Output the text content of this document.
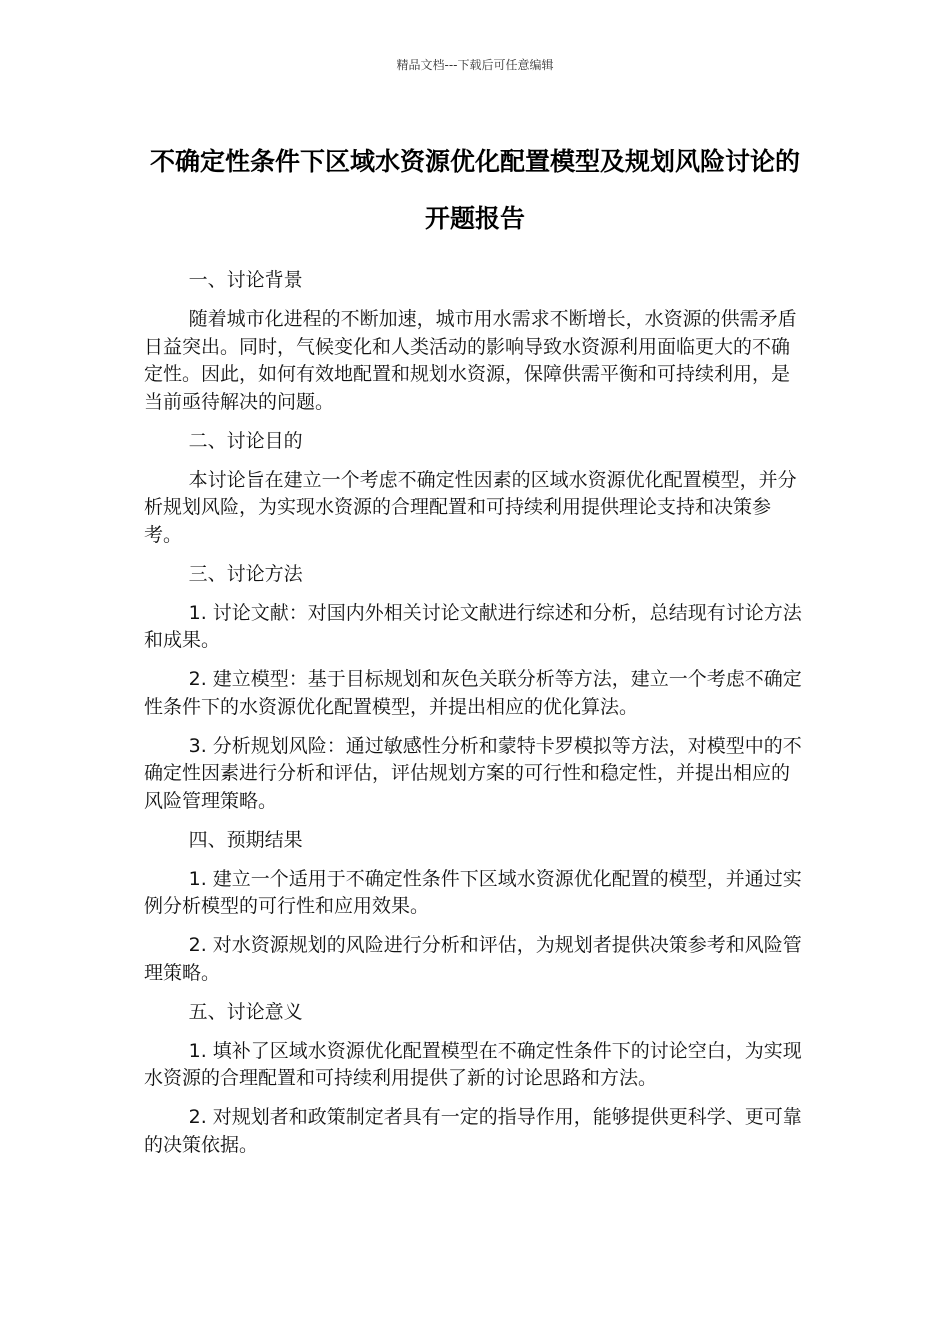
精品文档---下载后可任意编辑
不确定性条件下区域水资源优化配置模型及规划风险讨论的开题报告

一、讨论背景

随着城市化进程的不断加速，城市用水需求不断增长，水资源的供需矛盾日益突出。同时，气候变化和人类活动的影响导致水资源利用面临更大的不确定性。因此，如何有效地配置和规划水资源，保障供需平衡和可持续利用，是当前亟待解决的问题。

二、讨论目的

本讨论旨在建立一个考虑不确定性因素的区域水资源优化配置模型，并分析规划风险，为实现水资源的合理配置和可持续利用提供理论支持和决策参考。

三、讨论方法

1. 讨论文献：对国内外相关讨论文献进行综述和分析，总结现有讨论方法和成果。

2. 建立模型：基于目标规划和灰色关联分析等方法，建立一个考虑不确定性条件下的水资源优化配置模型，并提出相应的优化算法。

3. 分析规划风险：通过敏感性分析和蒙特卡罗模拟等方法，对模型中的不确定性因素进行分析和评估，评估规划方案的可行性和稳定性，并提出相应的风险管理策略。

四、预期结果

1. 建立一个适用于不确定性条件下区域水资源优化配置的模型，并通过实例分析模型的可行性和应用效果。

2. 对水资源规划的风险进行分析和评估，为规划者提供决策参考和风险管理策略。

五、讨论意义

1. 填补了区域水资源优化配置模型在不确定性条件下的讨论空白，为实现水资源的合理配置和可持续利用提供了新的讨论思路和方法。

2. 对规划者和政策制定者具有一定的指导作用，能够提供更科学、更可靠的决策依据。
